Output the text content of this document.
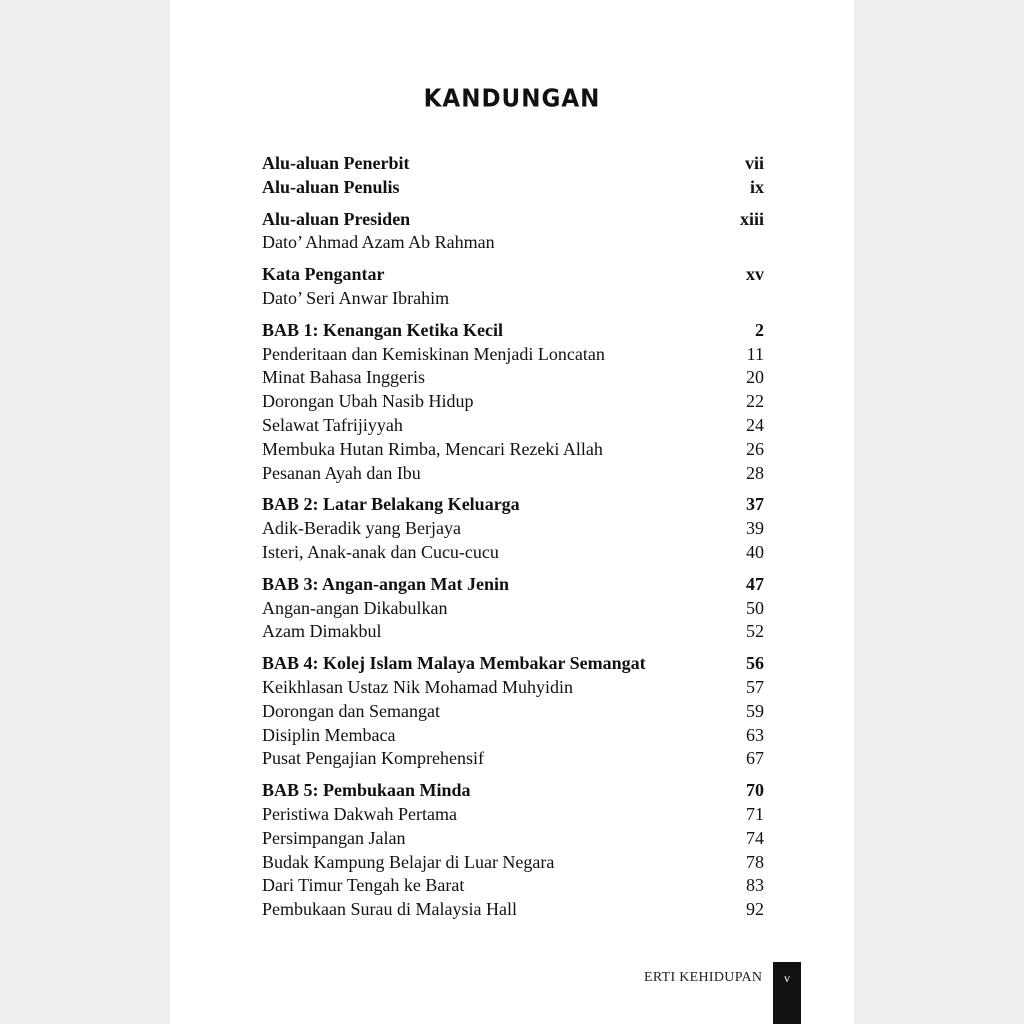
KANDUNGAN
Alu-aluan Penerbit	vii
Alu-aluan Penulis	ix
Alu-aluan Presiden	xiii
Dato’ Ahmad Azam Ab Rahman
Kata Pengantar	xv
Dato’ Seri Anwar Ibrahim
BAB 1: Kenangan Ketika Kecil	2
Penderitaan dan Kemiskinan Menjadi Loncatan	11
Minat Bahasa Inggeris	20
Dorongan Ubah Nasib Hidup	22
Selawat Tafrijiyyah	24
Membuka Hutan Rimba, Mencari Rezeki Allah	26
Pesanan Ayah dan Ibu	28
BAB 2: Latar Belakang Keluarga	37
Adik-Beradik yang Berjaya	39
Isteri, Anak-anak dan Cucu-cucu	40
BAB 3: Angan-angan Mat Jenin	47
Angan-angan Dikabulkan	50
Azam Dimakbul	52
BAB 4: Kolej Islam Malaya Membakar Semangat	56
Keikhlasan Ustaz Nik Mohamad Muhyidin	57
Dorongan dan Semangat	59
Disiplin Membaca	63
Pusat Pengajian Komprehensif	67
BAB 5: Pembukaan Minda	70
Peristiwa Dakwah Pertama	71
Persimpangan Jalan	74
Budak Kampung Belajar di Luar Negara	78
Dari Timur Tengah ke Barat	83
Pembukaan Surau di Malaysia Hall	92
ERTI KEHIDUPAN	v
